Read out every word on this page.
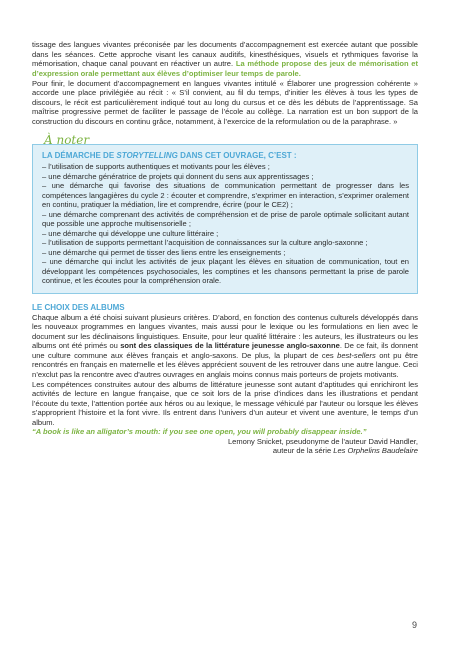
tissage des langues vivantes préconisée par les documents d’accompagnement est exercée autant que possible dans les séances. Cette approche visant les canaux auditifs, kinesthésiques, visuels et rythmiques favorise la mémorisation, chaque canal pouvant en réactiver un autre. La méthode propose des jeux de mémorisation et d’expression orale permettant aux élèves d’optimiser leur temps de parole.

Pour finir, le document d’accompagnement en langues vivantes intitulé « Élaborer une progression cohérente » accorde une place privilégiée au récit : « S’il convient, au fil du temps, d’initier les élèves à tous les types de discours, le récit est particulièrement indiqué tout au long du cursus et ce dès les débuts de l’apprentissage. Sa maîtrise progressive permet de faciliter le passage de l’école au collège. La narration est un bon support de la construction du discours en continu grâce, notamment, à l’exercice de la reformulation ou de la paraphrase. »

À noter
LA DÉMARCHE DE STORYTELLING DANS CET OUVRAGE, C’EST :

– l’utilisation de supports authentiques et motivants pour les élèves ;

– une démarche génératrice de projets qui donnent du sens aux apprentissages ;

– une démarche qui favorise des situations de communication permettant de progresser dans les compétences langagières du cycle 2 : écouter et comprendre, s’exprimer en interaction, s’exprimer oralement en continu, pratiquer la médiation, lire et comprendre, écrire (pour le CE2) ;

– une démarche comprenant des activités de compréhension et de prise de parole optimale sollicitant autant que possible une approche multisensorielle ;

– une démarche qui développe une culture littéraire ;

– l’utilisation de supports permettant l’acquisition de connaissances sur la culture anglo-saxonne ;

– une démarche qui permet de tisser des liens entre les enseignements ;

– une démarche qui inclut les activités de jeux plaçant les élèves en situation de communication, tout en développant les compétences psychosociales, les comptines et les chansons permettant la prise de parole continue, et les écoutes pour la compréhension orale.

LE CHOIX DES ALBUMS

Chaque album a été choisi suivant plusieurs critères. D’abord, en fonction des contenus culturels développés dans les nouveaux programmes en langues vivantes, mais aussi pour le lexique ou les formulations en lien avec le document sur les déclinaisons linguistiques. Ensuite, pour leur qualité littéraire : les auteurs, les illustrateurs ou les albums ont été primés ou sont des classiques de la littérature jeunesse anglo-saxonne. De ce fait, ils donnent une culture commune aux élèves français et anglo-saxons. De plus, la plupart de ces best-sellers ont pu être rencontrés en français en maternelle et les élèves apprécient souvent de les retrouver dans une autre langue. Ceci n’exclut pas la rencontre avec d’autres ouvrages en anglais moins connus mais porteurs de projets motivants.

Les compétences construites autour des albums de littérature jeunesse sont autant d’aptitudes qui enrichiront les activités de lecture en langue française, que ce soit lors de la prise d’indices dans les illustrations et pendant l’écoute du texte, l’attention portée aux héros ou au lexique, le message véhiculé par l’auteur ou lorsque les élèves s’approprient l’histoire et la font vivre. Ils entrent dans l’univers d’un auteur et vivent une aventure, le temps d’un album.

“A book is like an alligator’s mouth: if you see one open, you will probably disappear inside.”

Lemony Snicket, pseudonyme de l’auteur David Handler,

auteur de la série Les Orphelins Baudelaire

9
